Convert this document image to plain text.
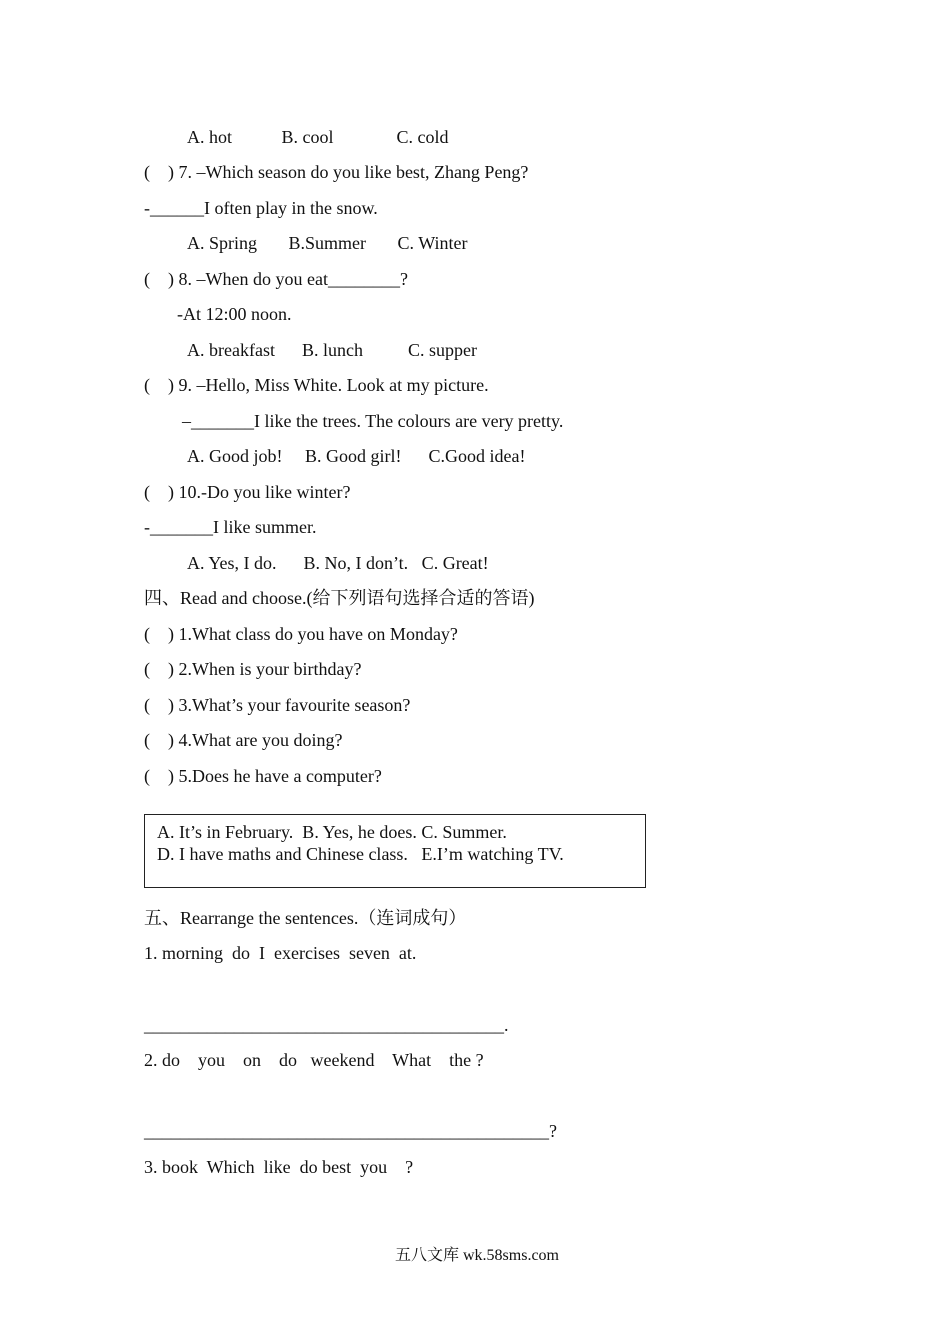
A. hot           B. cool              C. cold
(    ) 7. –Which season do you like best, Zhang Peng?
-______I often play in the snow.
A. Spring       B.Summer       C. Winter
(    ) 8. –When do you eat________?
-At 12:00 noon.
A. breakfast      B. lunch          C. supper
(    ) 9. –Hello, Miss White. Look at my picture.
–_______I like the trees. The colours are very pretty.
A. Good job!     B. Good girl!      C.Good idea!
(    ) 10.-Do you like winter?
-_______I like summer.
A. Yes, I do.      B. No, I don’t.   C. Great!
四、Read and choose.(给下列语句选择合适的答语)
(    ) 1.What class do you have on Monday?
(    ) 2.When is your birthday?
(    ) 3.What’s your favourite season?
(    ) 4.What are you doing?
(    ) 5.Does he have a computer?
A. It’s in February.  B. Yes, he does. C. Summer.
D. I have maths and Chinese class.   E.I’m watching TV.
五、Rearrange the sentences.（连词成句）
1. morning  do  I  exercises  seven  at.
________________________________________.
2. do    you    on    do   weekend    What    the ?
_____________________________________________?
3. book  Which  like  do best  you    ?
五八文库 wk.58sms.com
